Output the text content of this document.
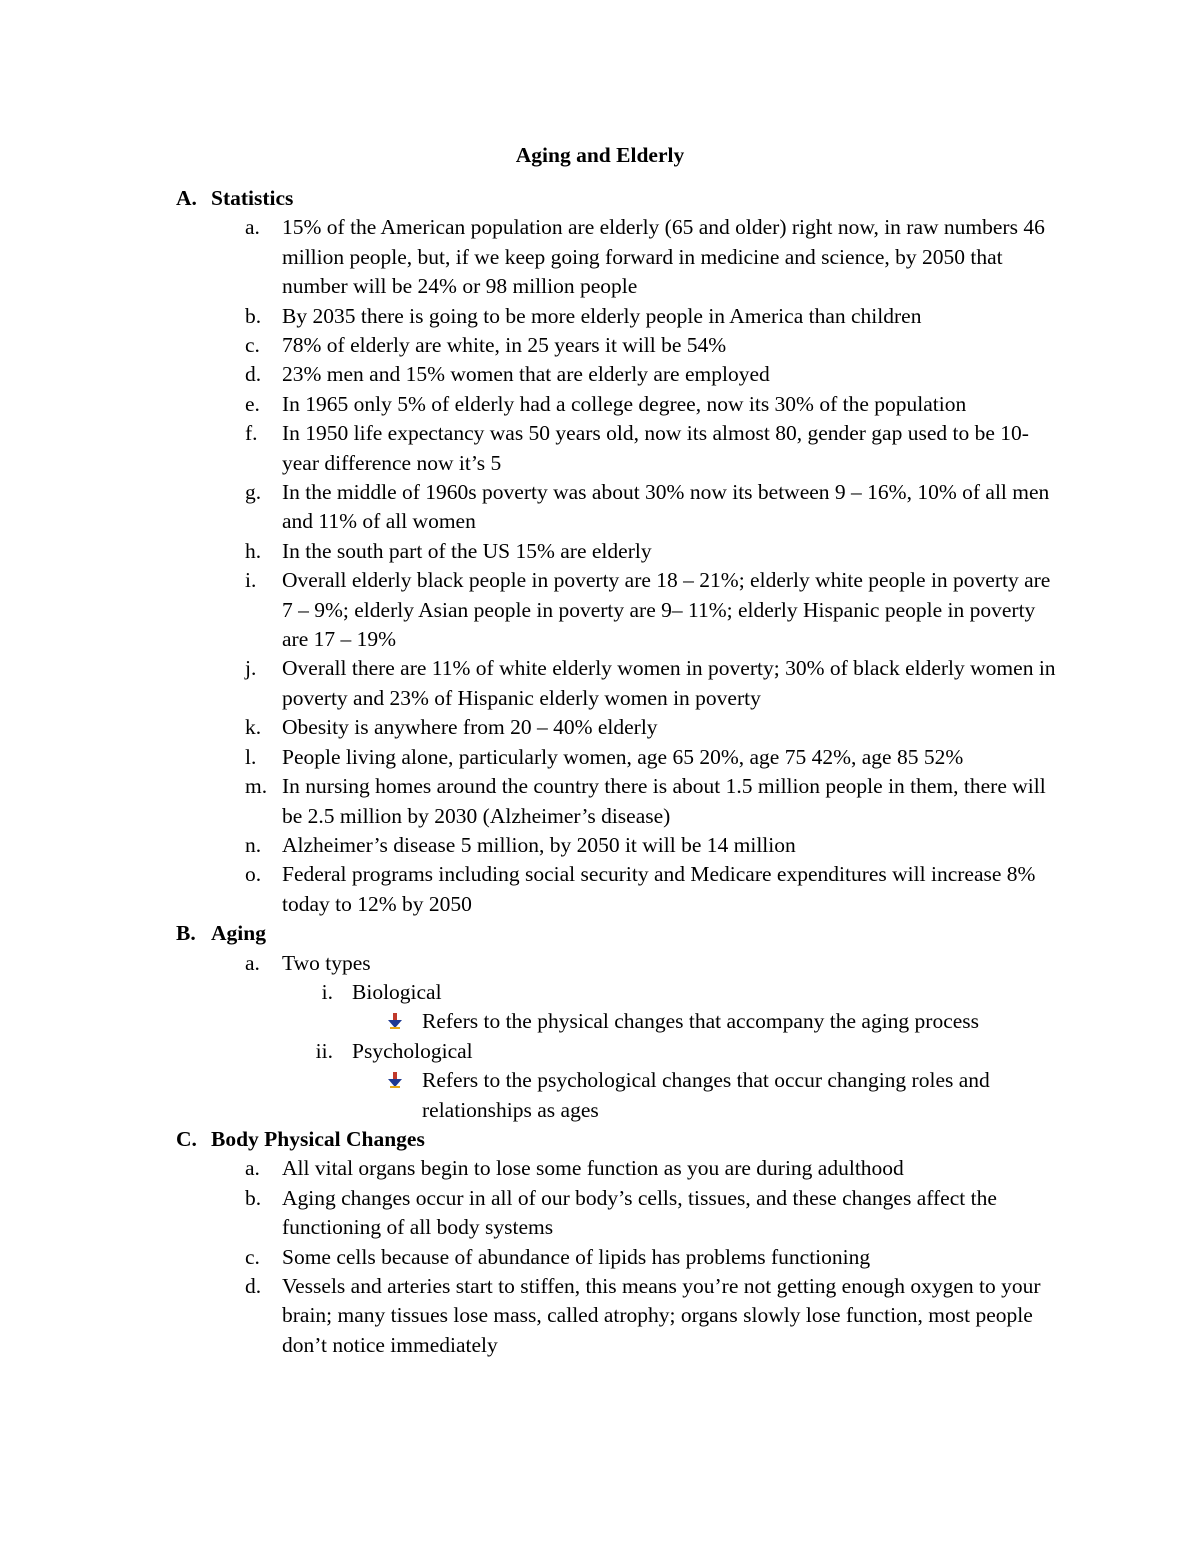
Aging and Elderly
A. Statistics
a. 15% of the American population are elderly (65 and older) right now, in raw numbers 46 million people, but, if we keep going forward in medicine and science, by 2050 that number will be 24% or 98 million people
b. By 2035 there is going to be more elderly people in America than children
c. 78% of elderly are white, in 25 years it will be 54%
d. 23% men and 15% women that are elderly are employed
e. In 1965 only 5% of elderly had a college degree, now its 30% of the population
f. In 1950 life expectancy was 50 years old, now its almost 80, gender gap used to be 10-year difference now it’s 5
g. In the middle of 1960s poverty was about 30% now its between 9 – 16%, 10% of all men and 11% of all women
h. In the south part of the US 15% are elderly
i. Overall elderly black people in poverty are 18 – 21%; elderly white people in poverty are 7 – 9%; elderly Asian people in poverty are 9– 11%; elderly Hispanic people in poverty are 17 – 19%
j. Overall there are 11% of white elderly women in poverty; 30% of black elderly women in poverty and 23% of Hispanic elderly women in poverty
k. Obesity is anywhere from 20 – 40% elderly
l. People living alone, particularly women, age 65 20%, age 75 42%, age 85 52%
m. In nursing homes around the country there is about 1.5 million people in them, there will be 2.5 million by 2030 (Alzheimer’s disease)
n. Alzheimer’s disease 5 million, by 2050 it will be 14 million
o. Federal programs including social security and Medicare expenditures will increase 8% today to 12% by 2050
B. Aging
a. Two types
i. Biological
Refers to the physical changes that accompany the aging process
ii. Psychological
Refers to the psychological changes that occur changing roles and relationships as ages
C. Body Physical Changes
a. All vital organs begin to lose some function as you are during adulthood
b. Aging changes occur in all of our body’s cells, tissues, and these changes affect the functioning of all body systems
c. Some cells because of abundance of lipids has problems functioning
d. Vessels and arteries start to stiffen, this means you’re not getting enough oxygen to your brain; many tissues lose mass, called atrophy; organs slowly lose function, most people don’t notice immediately
